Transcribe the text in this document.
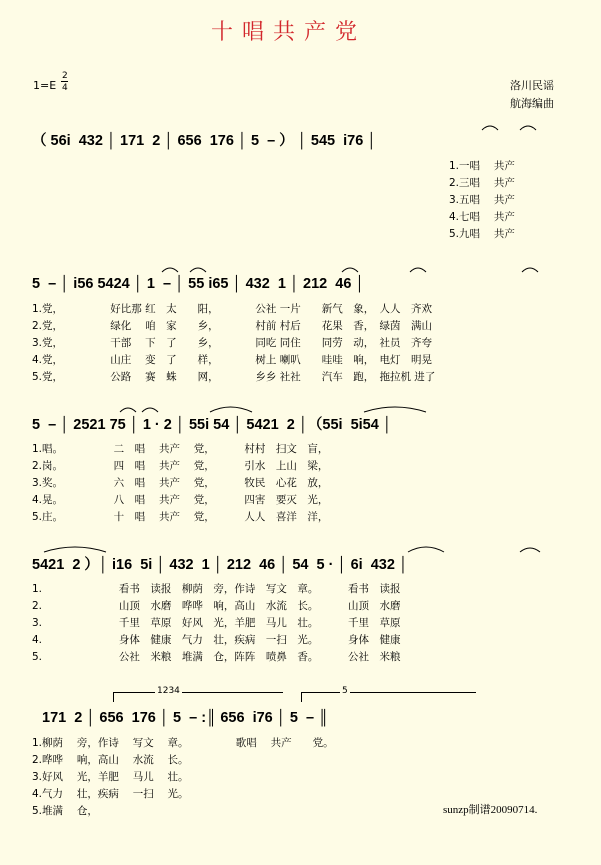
十唱共产党
1=E
2
4	洛川民谣
航海编曲
（ 56i  432 │ 171  2 │ 656  176 │ 5  – ） │ 545  i76 │
1.一唱　 共产
2.三唱　 共产
3.五唱　 共产
4.七唱　 共产
5.九唱　 共产
5  – │ i56 5424 │ 1  – │ 55 i65 │ 432  1 │ 212  46 │
1.党，　　　　　好比那 红　太　　阳，　　　　公社 一片　　新气　象，　人人　齐欢
2.党，　　　　　绿化　 咱　家　　乡，　　　　村前 村后　　花果　香，　绿茵　满山
3.党，　　　　　干部　 下　了　　乡，　　　　同吃 同住　　同劳　动，　社员　齐夸
4.党，　　　　　山庄　 变　了　　样，　　　　树上 喇叭　　哇哇　响，　电灯　明晃
5.党，　　　　　公路　 赛　蛛　　网，　　　　乡乡 社社　　汽车　跑，　拖拉机 进了
5  – │ 2521 75 │ 1 · 2 │ 55i 54 │ 5421  2 │（55i  5i54 │
1.唱。　　　　　 二　唱　 共产　 党，　　　 村村　扫文　盲，
2.岗。　　　　　 四　唱　 共产　 党，　　　 引水　上山　梁，
3.奖。　　　　　 六　唱　 共产　 党，　　　 牧民　心花　放，
4.晃。　　　　　 八　唱　 共产　 党，　　　 四害　要灭　光，
5.庄。　　　　　 十　唱　 共产　 党，　　　 人人　喜洋　洋，
5421  2 ）│ i16  5i │ 432  1 │ 212  46 │ 54  5 · │ 6i  432 │
1.　　　　　　　 看书　读报　柳荫　旁，作诗　写文　章。　　　 看书　读报
2.　　　　　　　 山顶　水磨　哗哗　响，高山　水流　长。　　　 山顶　水磨
3.　　　　　　　 千里　草原　好风　光，羊肥　马儿　壮。　　　 千里　草原
4.　　　　　　　 身体　健康　气力　壮，疾病　一扫　光。　　　 身体　健康
5.　　　　　　　 公社　米粮　堆满　仓，阵阵　喷鼻　香。　　　 公社　米粮
1234	5
171  2 │ 656  176 │ 5  – :║ 656  i76 │ 5  – ║
1.柳荫　 旁，作诗　 写文　 章。　　　　　歌唱　 共产　　党。
2.哗哗　 响，高山　 水流　 长。
3.好风　 光，羊肥　 马儿　 壮。
4.气力　 壮，疾病　 一扫　 光。
5.堆满　 仓，	sunzp制谱20090714.
